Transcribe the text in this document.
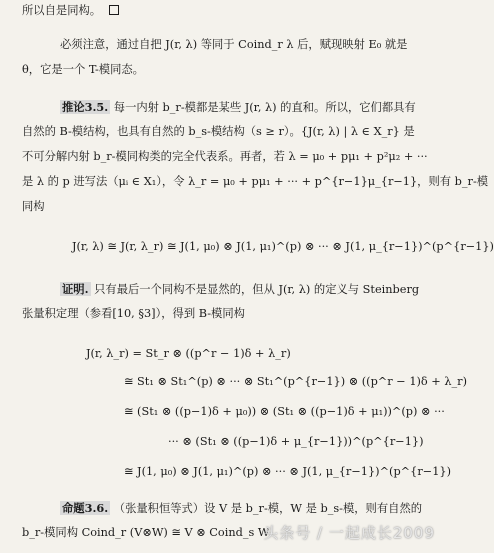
所以自是同构。
必须注意，通过自把 J(r, λ) 等同于 Coind_r λ 后，赋现映射 E₀ 就是
θ，它是一个 T-模同态。
推论3.5. 每一内射 b_r-模都是某些 J(r, λ) 的直和。所以，它们都具有
自然的 B-模结构，也具有自然的 b_s-模结构（s ≥ r）。{J(r, λ) | λ ∈ X_r} 是
不可分解内射 b_r-模同构类的完全代表系。再者，若 λ = μ₀ + pμ₁ + p²μ₂ + ···
是 λ 的 p 进写法（μᵢ ∈ X₁），令 λ_r = μ₀ + pμ₁ + ··· + p^{r−1}μ_{r−1}，则有 b_r-模
同构
J(r, λ) ≅ J(r, λ_r) ≅ J(1, μ₀) ⊗ J(1, μ₁)^(p) ⊗ ··· ⊗ J(1, μ_{r−1})^(p^{r−1})
证明. 只有最后一个同构不是显然的，但从 J(r, λ) 的定义与 Steinberg
张量积定理（参看[10, §3]），得到 B-模同构
J(r, λ_r) = St_r ⊗ ((p^r − 1)δ + λ_r)
≅ St₁ ⊗ St₁^(p) ⊗ ··· ⊗ St₁^(p^{r−1}) ⊗ ((p^r − 1)δ + λ_r)
≅ (St₁ ⊗ ((p−1)δ + μ₀)) ⊗ (St₁ ⊗ ((p−1)δ + μ₁))^(p) ⊗ ···
··· ⊗ (St₁ ⊗ ((p−1)δ + μ_{r−1}))^(p^{r−1})
≅ J(1, μ₀) ⊗ J(1, μ₁)^(p) ⊗ ··· ⊗ J(1, μ_{r−1})^(p^{r−1})
命题3.6. （张量积恒等式）设 V 是 b_r-模，W 是 b_s-模，则有自然的
b_r-模同构 Coind_r (V⊗W) ≅ V ⊗ Coind_s W
头条号 / 一起成长2009
